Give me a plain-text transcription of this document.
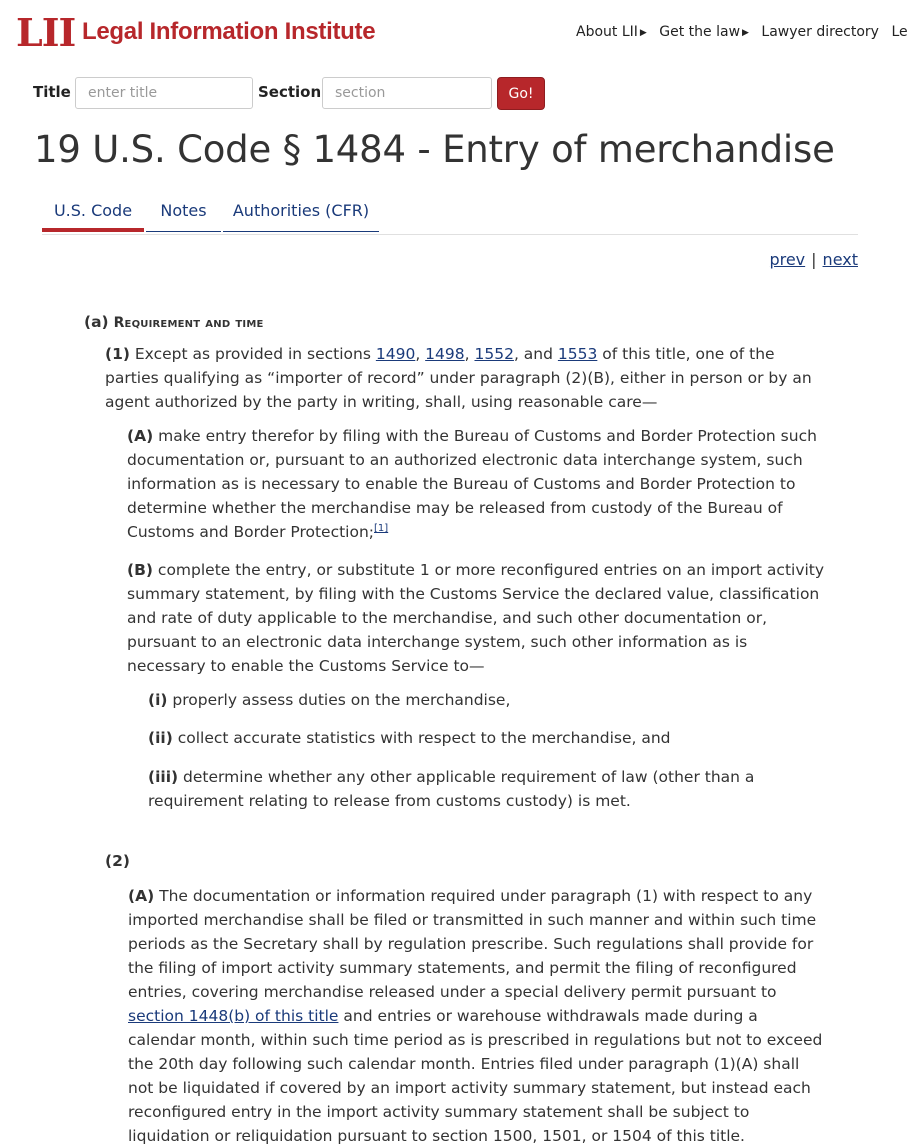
LII Legal Information Institute	About LII ▶ Get the law ▶ Lawyer directory Le
Title
enter title	Section
section	Go!
19 U.S. Code § 1484 - Entry of merchandise
U.S. Code	Notes	Authorities (CFR)
prev | next

(a) Requirement and time

(1) Except as provided in sections 1490, 1498, 1552, and 1553 of this title, one of the parties qualifying as “importer of record” under paragraph (2)(B), either in person or by an agent authorized by the party in writing, shall, using reasonable care—

(A) make entry therefor by filing with the Bureau of Customs and Border Protection such documentation or, pursuant to an authorized electronic data interchange system, such information as is necessary to enable the Bureau of Customs and Border Protection to determine whether the merchandise may be released from custody of the Bureau of Customs and Border Protection;[1]

(B) complete the entry, or substitute 1 or more reconfigured entries on an import activity summary statement, by filing with the Customs Service the declared value, classification and rate of duty applicable to the merchandise, and such other documentation or, pursuant to an electronic data interchange system, such other information as is necessary to enable the Customs Service to—

(i) properly assess duties on the merchandise,

(ii) collect accurate statistics with respect to the merchandise, and

(iii) determine whether any other applicable requirement of law (other than a requirement relating to release from customs custody) is met.

(2)

(A) The documentation or information required under paragraph (1) with respect to any imported merchandise shall be filed or transmitted in such manner and within such time periods as the Secretary shall by regulation prescribe. Such regulations shall provide for the filing of import activity summary statements, and permit the filing of reconfigured entries, covering merchandise released under a special delivery permit pursuant to section 1448(b) of this title and entries or warehouse withdrawals made during a calendar month, within such time period as is prescribed in regulations but not to exceed the 20th day following such calendar month. Entries filed under paragraph (1)(A) shall not be liquidated if covered by an import activity summary statement, but instead each reconfigured entry in the import activity summary statement shall be subject to liquidation or reliquidation pursuant to section 1500, 1501, or 1504 of this title.
